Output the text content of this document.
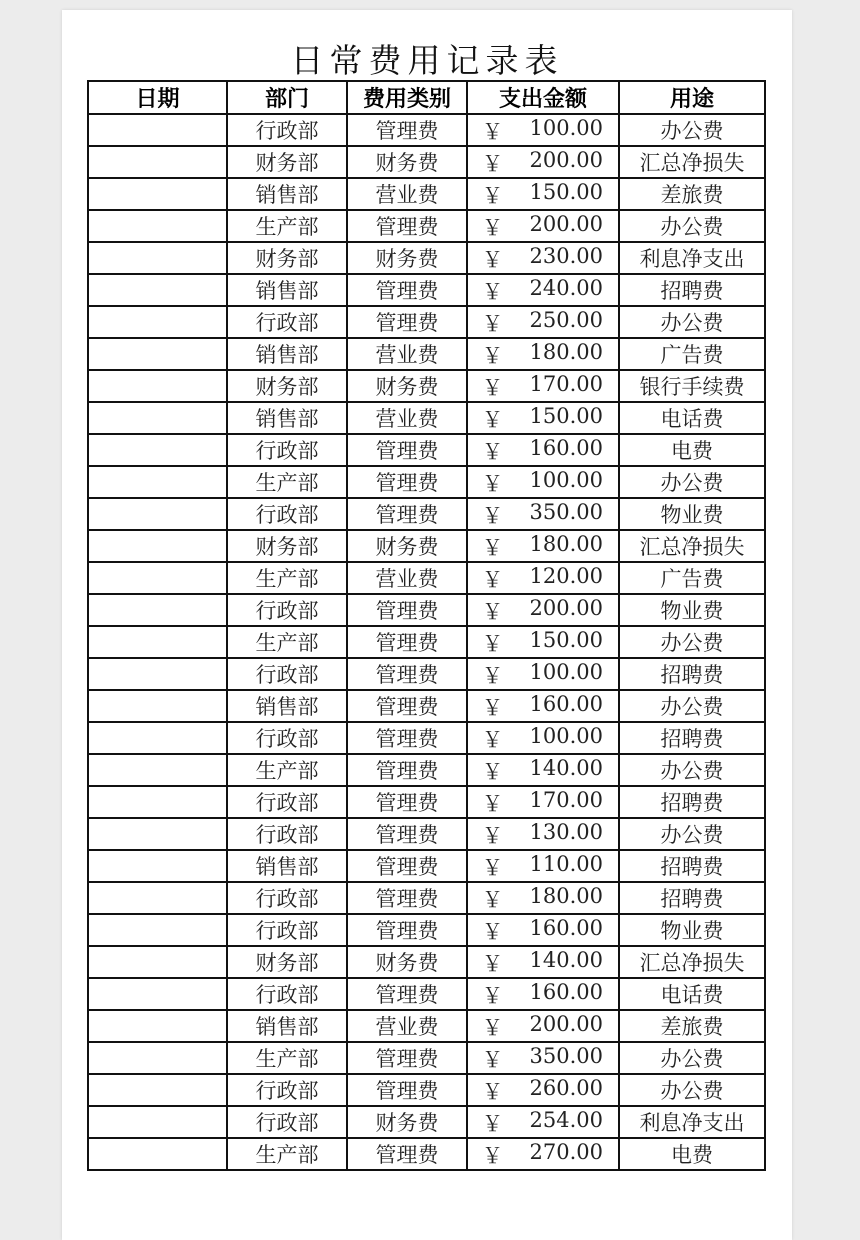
日常费用记录表
日期	部门	费用类别	支出金额	用途
	行政部	管理费	￥ 100.00	办公费
	财务部	财务费	￥ 200.00	汇总净损失
	销售部	营业费	￥ 150.00	差旅费
	生产部	管理费	￥ 200.00	办公费
	财务部	财务费	￥ 230.00	利息净支出
	销售部	管理费	￥ 240.00	招聘费
	行政部	管理费	￥ 250.00	办公费
	销售部	营业费	￥ 180.00	广告费
	财务部	财务费	￥ 170.00	银行手续费
	销售部	营业费	￥ 150.00	电话费
	行政部	管理费	￥ 160.00	电费
	生产部	管理费	￥ 100.00	办公费
	行政部	管理费	￥ 350.00	物业费
	财务部	财务费	￥ 180.00	汇总净损失
	生产部	营业费	￥ 120.00	广告费
	行政部	管理费	￥ 200.00	物业费
	生产部	管理费	￥ 150.00	办公费
	行政部	管理费	￥ 100.00	招聘费
	销售部	管理费	￥ 160.00	办公费
	行政部	管理费	￥ 100.00	招聘费
	生产部	管理费	￥ 140.00	办公费
	行政部	管理费	￥ 170.00	招聘费
	行政部	管理费	￥ 130.00	办公费
	销售部	管理费	￥ 110.00	招聘费
	行政部	管理费	￥ 180.00	招聘费
	行政部	管理费	￥ 160.00	物业费
	财务部	财务费	￥ 140.00	汇总净损失
	行政部	管理费	￥ 160.00	电话费
	销售部	营业费	￥ 200.00	差旅费
	生产部	管理费	￥ 350.00	办公费
	行政部	管理费	￥ 260.00	办公费
	行政部	财务费	￥ 254.00	利息净支出
	生产部	管理费	￥ 270.00	电费
